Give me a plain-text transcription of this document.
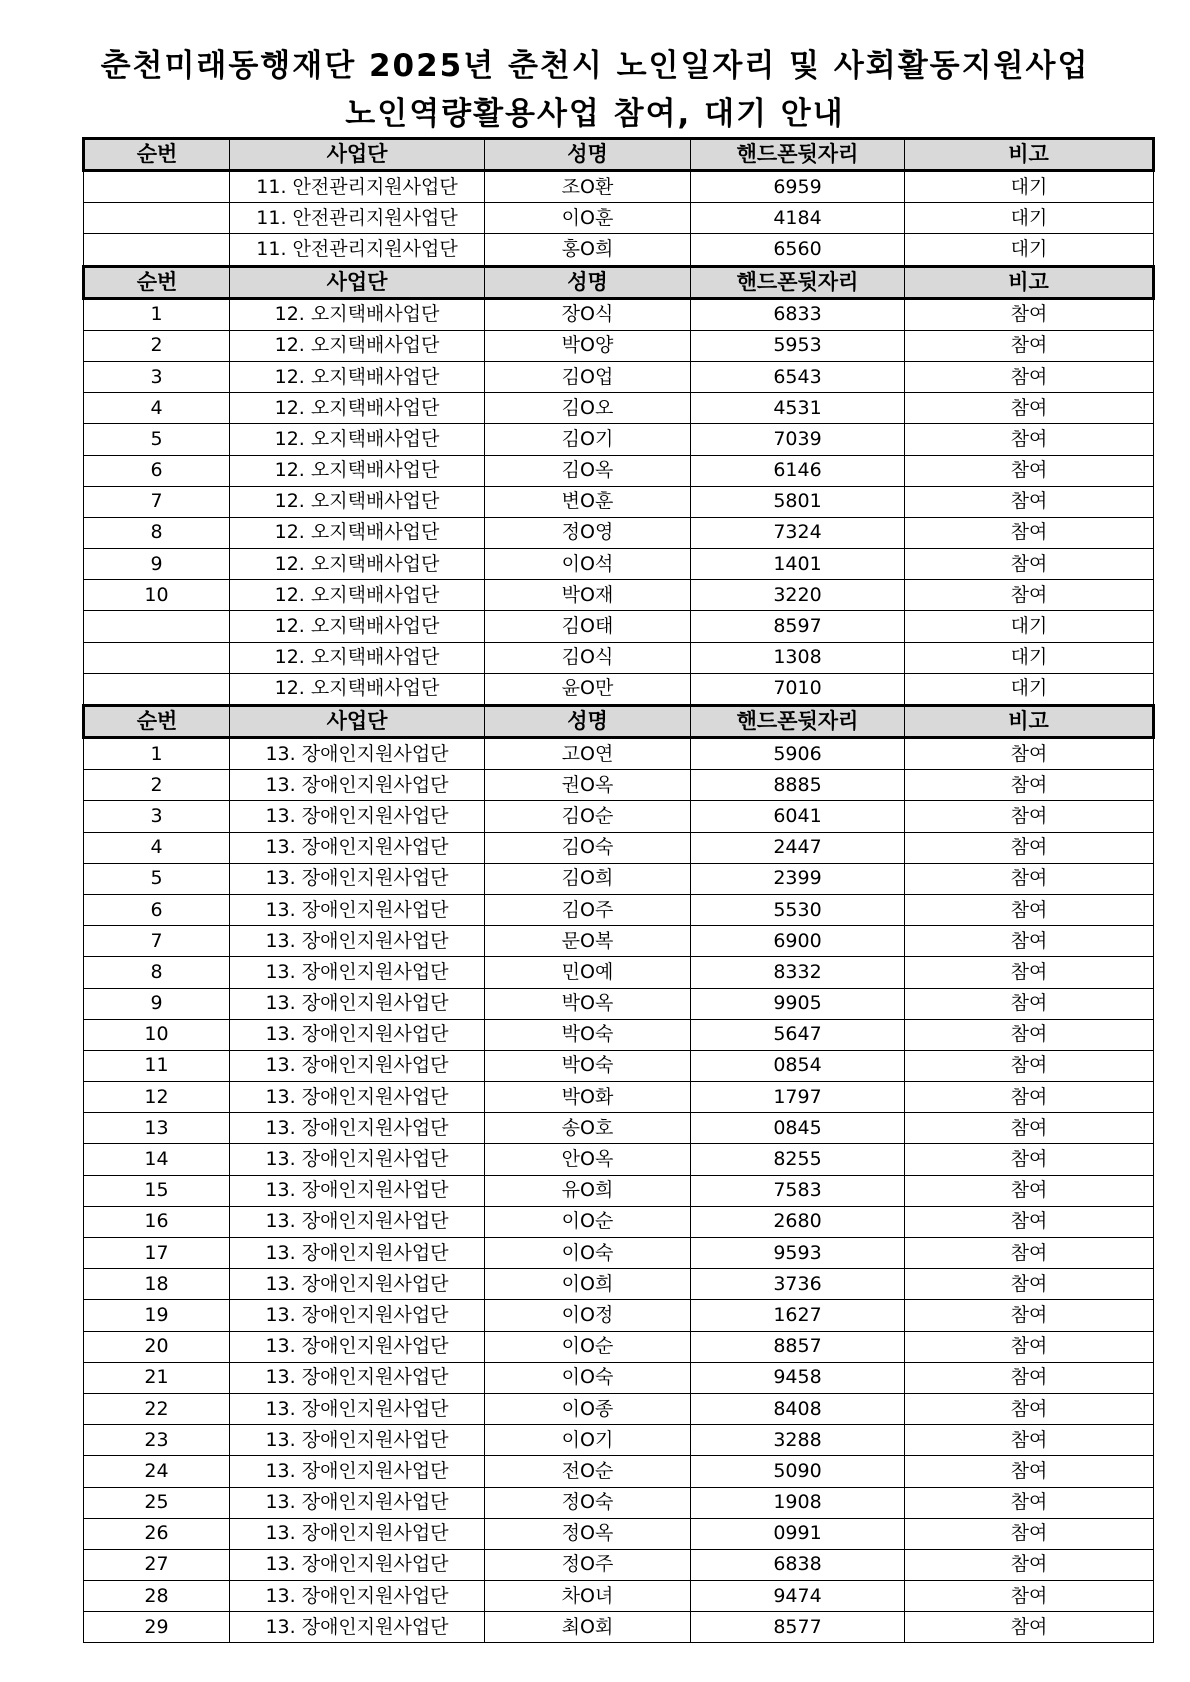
춘천미래동행재단 2025년 춘천시 노인일자리 및 사회활동지원사업
노인역량활용사업 참여, 대기 안내
순번	사업단	성명	핸드폰뒷자리	비고
	11. 안전관리지원사업단	조O환	6959	대기
	11. 안전관리지원사업단	이O훈	4184	대기
	11. 안전관리지원사업단	홍O희	6560	대기
순번	사업단	성명	핸드폰뒷자리	비고
1	12. 오지택배사업단	장O식	6833	참여
2	12. 오지택배사업단	박O양	5953	참여
3	12. 오지택배사업단	김O업	6543	참여
4	12. 오지택배사업단	김O오	4531	참여
5	12. 오지택배사업단	김O기	7039	참여
6	12. 오지택배사업단	김O옥	6146	참여
7	12. 오지택배사업단	변O훈	5801	참여
8	12. 오지택배사업단	정O영	7324	참여
9	12. 오지택배사업단	이O석	1401	참여
10	12. 오지택배사업단	박O재	3220	참여
	12. 오지택배사업단	김O태	8597	대기
	12. 오지택배사업단	김O식	1308	대기
	12. 오지택배사업단	윤O만	7010	대기
순번	사업단	성명	핸드폰뒷자리	비고
1	13. 장애인지원사업단	고O연	5906	참여
2	13. 장애인지원사업단	권O옥	8885	참여
3	13. 장애인지원사업단	김O순	6041	참여
4	13. 장애인지원사업단	김O숙	2447	참여
5	13. 장애인지원사업단	김O희	2399	참여
6	13. 장애인지원사업단	김O주	5530	참여
7	13. 장애인지원사업단	문O복	6900	참여
8	13. 장애인지원사업단	민O예	8332	참여
9	13. 장애인지원사업단	박O옥	9905	참여
10	13. 장애인지원사업단	박O숙	5647	참여
11	13. 장애인지원사업단	박O숙	0854	참여
12	13. 장애인지원사업단	박O화	1797	참여
13	13. 장애인지원사업단	송O호	0845	참여
14	13. 장애인지원사업단	안O옥	8255	참여
15	13. 장애인지원사업단	유O희	7583	참여
16	13. 장애인지원사업단	이O순	2680	참여
17	13. 장애인지원사업단	이O숙	9593	참여
18	13. 장애인지원사업단	이O희	3736	참여
19	13. 장애인지원사업단	이O정	1627	참여
20	13. 장애인지원사업단	이O순	8857	참여
21	13. 장애인지원사업단	이O숙	9458	참여
22	13. 장애인지원사업단	이O종	8408	참여
23	13. 장애인지원사업단	이O기	3288	참여
24	13. 장애인지원사업단	전O순	5090	참여
25	13. 장애인지원사업단	정O숙	1908	참여
26	13. 장애인지원사업단	정O옥	0991	참여
27	13. 장애인지원사업단	정O주	6838	참여
28	13. 장애인지원사업단	차O녀	9474	참여
29	13. 장애인지원사업단	최O회	8577	참여
